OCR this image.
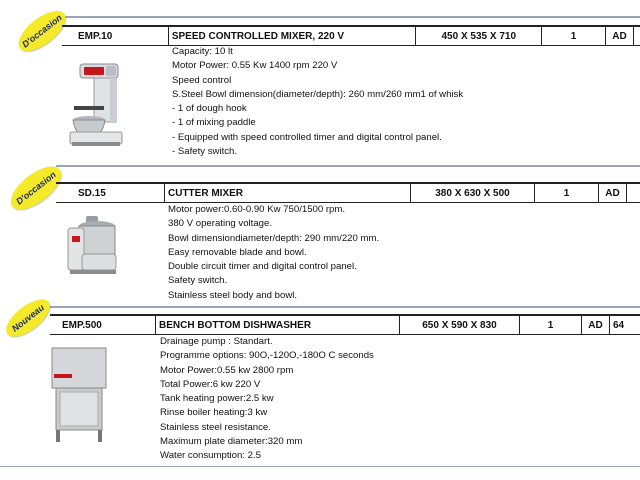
D'occasion	EMP.10	SPEED CONTROLLED MIXER, 220 V	450 X 535 X 710	1	AD
Capacity: 10 lt
Motor Power: 0.55 Kw 1400 rpm 220 V
Speed control
S.Steel Bowl dimension(diameter/depth): 260 mm/260 mm1 of whisk
- 1 of dough hook
- 1 of mixing paddle
- Equipped with speed controlled timer and digital control panel.
- Safety switch.
D'occasion	SD.15	CUTTER MIXER	380 X 630 X 500	1	AD
Motor power:0.60-0.90 Kw 750/1500 rpm.
380 V operating voltage.
Bowl dimensiondiameter/depth: 290 mm/220 mm.
Easy removable blade and bowl.
Double circuit timer and digital control panel.
Safety switch.
Stainless steel body and bowl.
Nouveau	EMP.500	BENCH BOTTOM DISHWASHER	650 X 590 X 830	1	AD	64
Drainage pump : Standart.
Programme options: 90O,-120O,-180O C seconds
Motor Power:0.55 kw 2800 rpm
Total Power:6 kw 220 V
Tank heating power:2.5 kw
Rinse boiler heating:3 kw
Stainless steel resistance.
Maximum plate diameter:320 mm
Water consumption: 2.5
